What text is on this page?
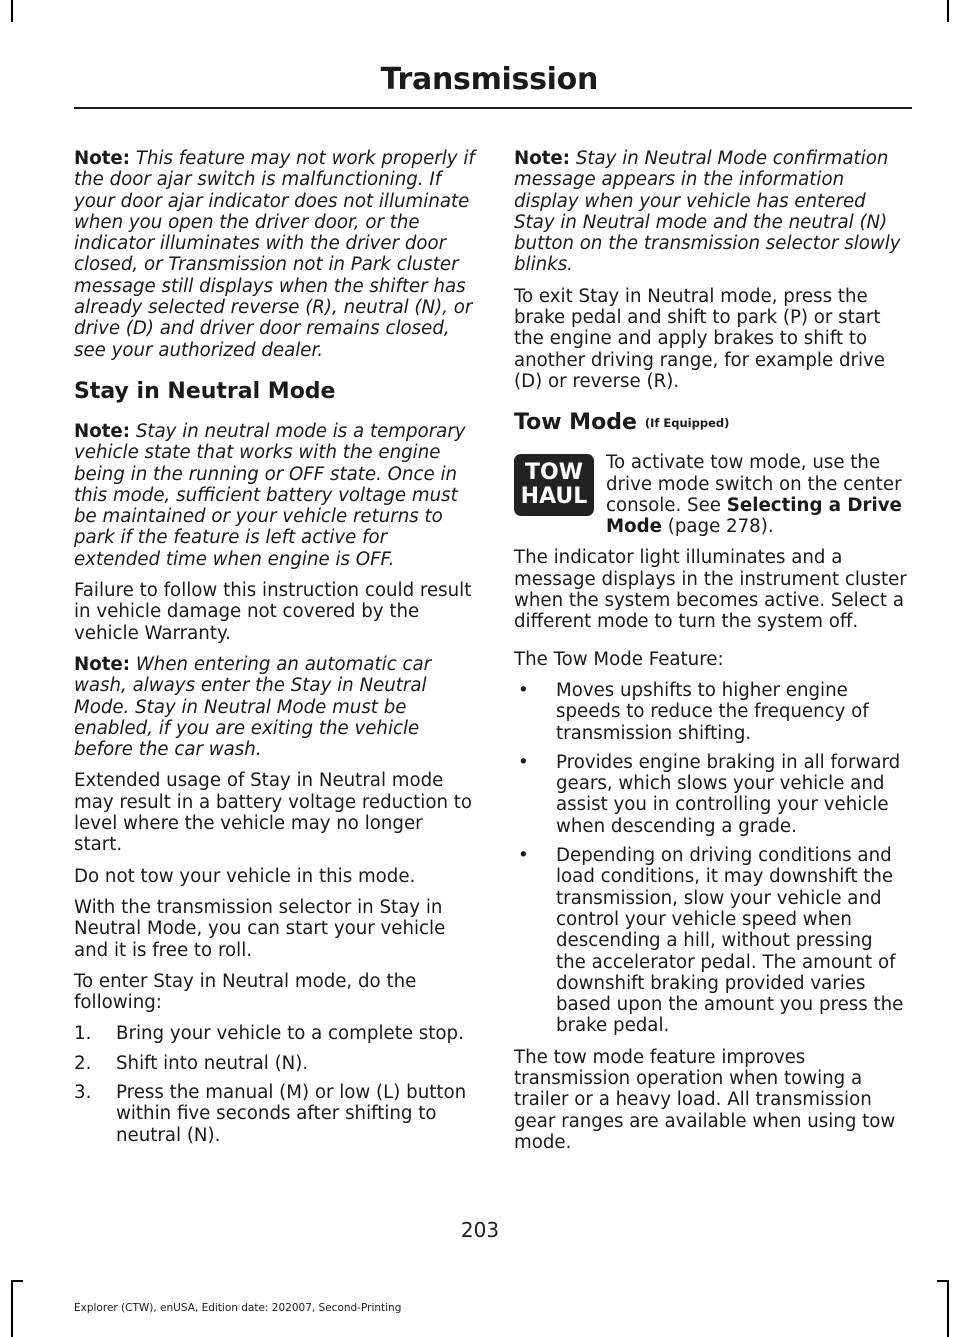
Transmission

Note: This feature may not work properly if the door ajar switch is malfunctioning. If your door ajar indicator does not illuminate when you open the driver door, or the indicator illuminates with the driver door closed, or Transmission not in Park cluster message still displays when the shifter has already selected reverse (R), neutral (N), or drive (D) and driver door remains closed, see your authorized dealer.

Stay in Neutral Mode

Note: Stay in neutral mode is a temporary vehicle state that works with the engine being in the running or OFF state. Once in this mode, sufficient battery voltage must be maintained or your vehicle returns to park if the feature is left active for extended time when engine is OFF.

Failure to follow this instruction could result in vehicle damage not covered by the vehicle Warranty.

Note: When entering an automatic car wash, always enter the Stay in Neutral Mode. Stay in Neutral Mode must be enabled, if you are exiting the vehicle before the car wash.

Extended usage of Stay in Neutral mode may result in a battery voltage reduction to level where the vehicle may no longer start.

Do not tow your vehicle in this mode.

With the transmission selector in Stay in Neutral Mode, you can start your vehicle and it is free to roll.

To enter Stay in Neutral mode, do the following:

1. Bring your vehicle to a complete stop.
2. Shift into neutral (N).
3. Press the manual (M) or low (L) button within five seconds after shifting to neutral (N).

Note: Stay in Neutral Mode confirmation message appears in the information display when your vehicle has entered Stay in Neutral mode and the neutral (N) button on the transmission selector slowly blinks.

To exit Stay in Neutral mode, press the brake pedal and shift to park (P) or start the engine and apply brakes to shift to another driving range, for example drive (D) or reverse (R).

Tow Mode (If Equipped)
TOW
HAUL

To activate tow mode, use the drive mode switch on the center console. See Selecting a Drive Mode (page 278).

The indicator light illuminates and a message displays in the instrument cluster when the system becomes active. Select a different mode to turn the system off.

The Tow Mode Feature:

• Moves upshifts to higher engine speeds to reduce the frequency of transmission shifting.
• Provides engine braking in all forward gears, which slows your vehicle and assist you in controlling your vehicle when descending a grade.
• Depending on driving conditions and load conditions, it may downshift the transmission, slow your vehicle and control your vehicle speed when descending a hill, without pressing the accelerator pedal. The amount of downshift braking provided varies based upon the amount you press the brake pedal.

The tow mode feature improves transmission operation when towing a trailer or a heavy load. All transmission gear ranges are available when using tow mode.

203
Explorer (CTW), enUSA, Edition date: 202007, Second-Printing
